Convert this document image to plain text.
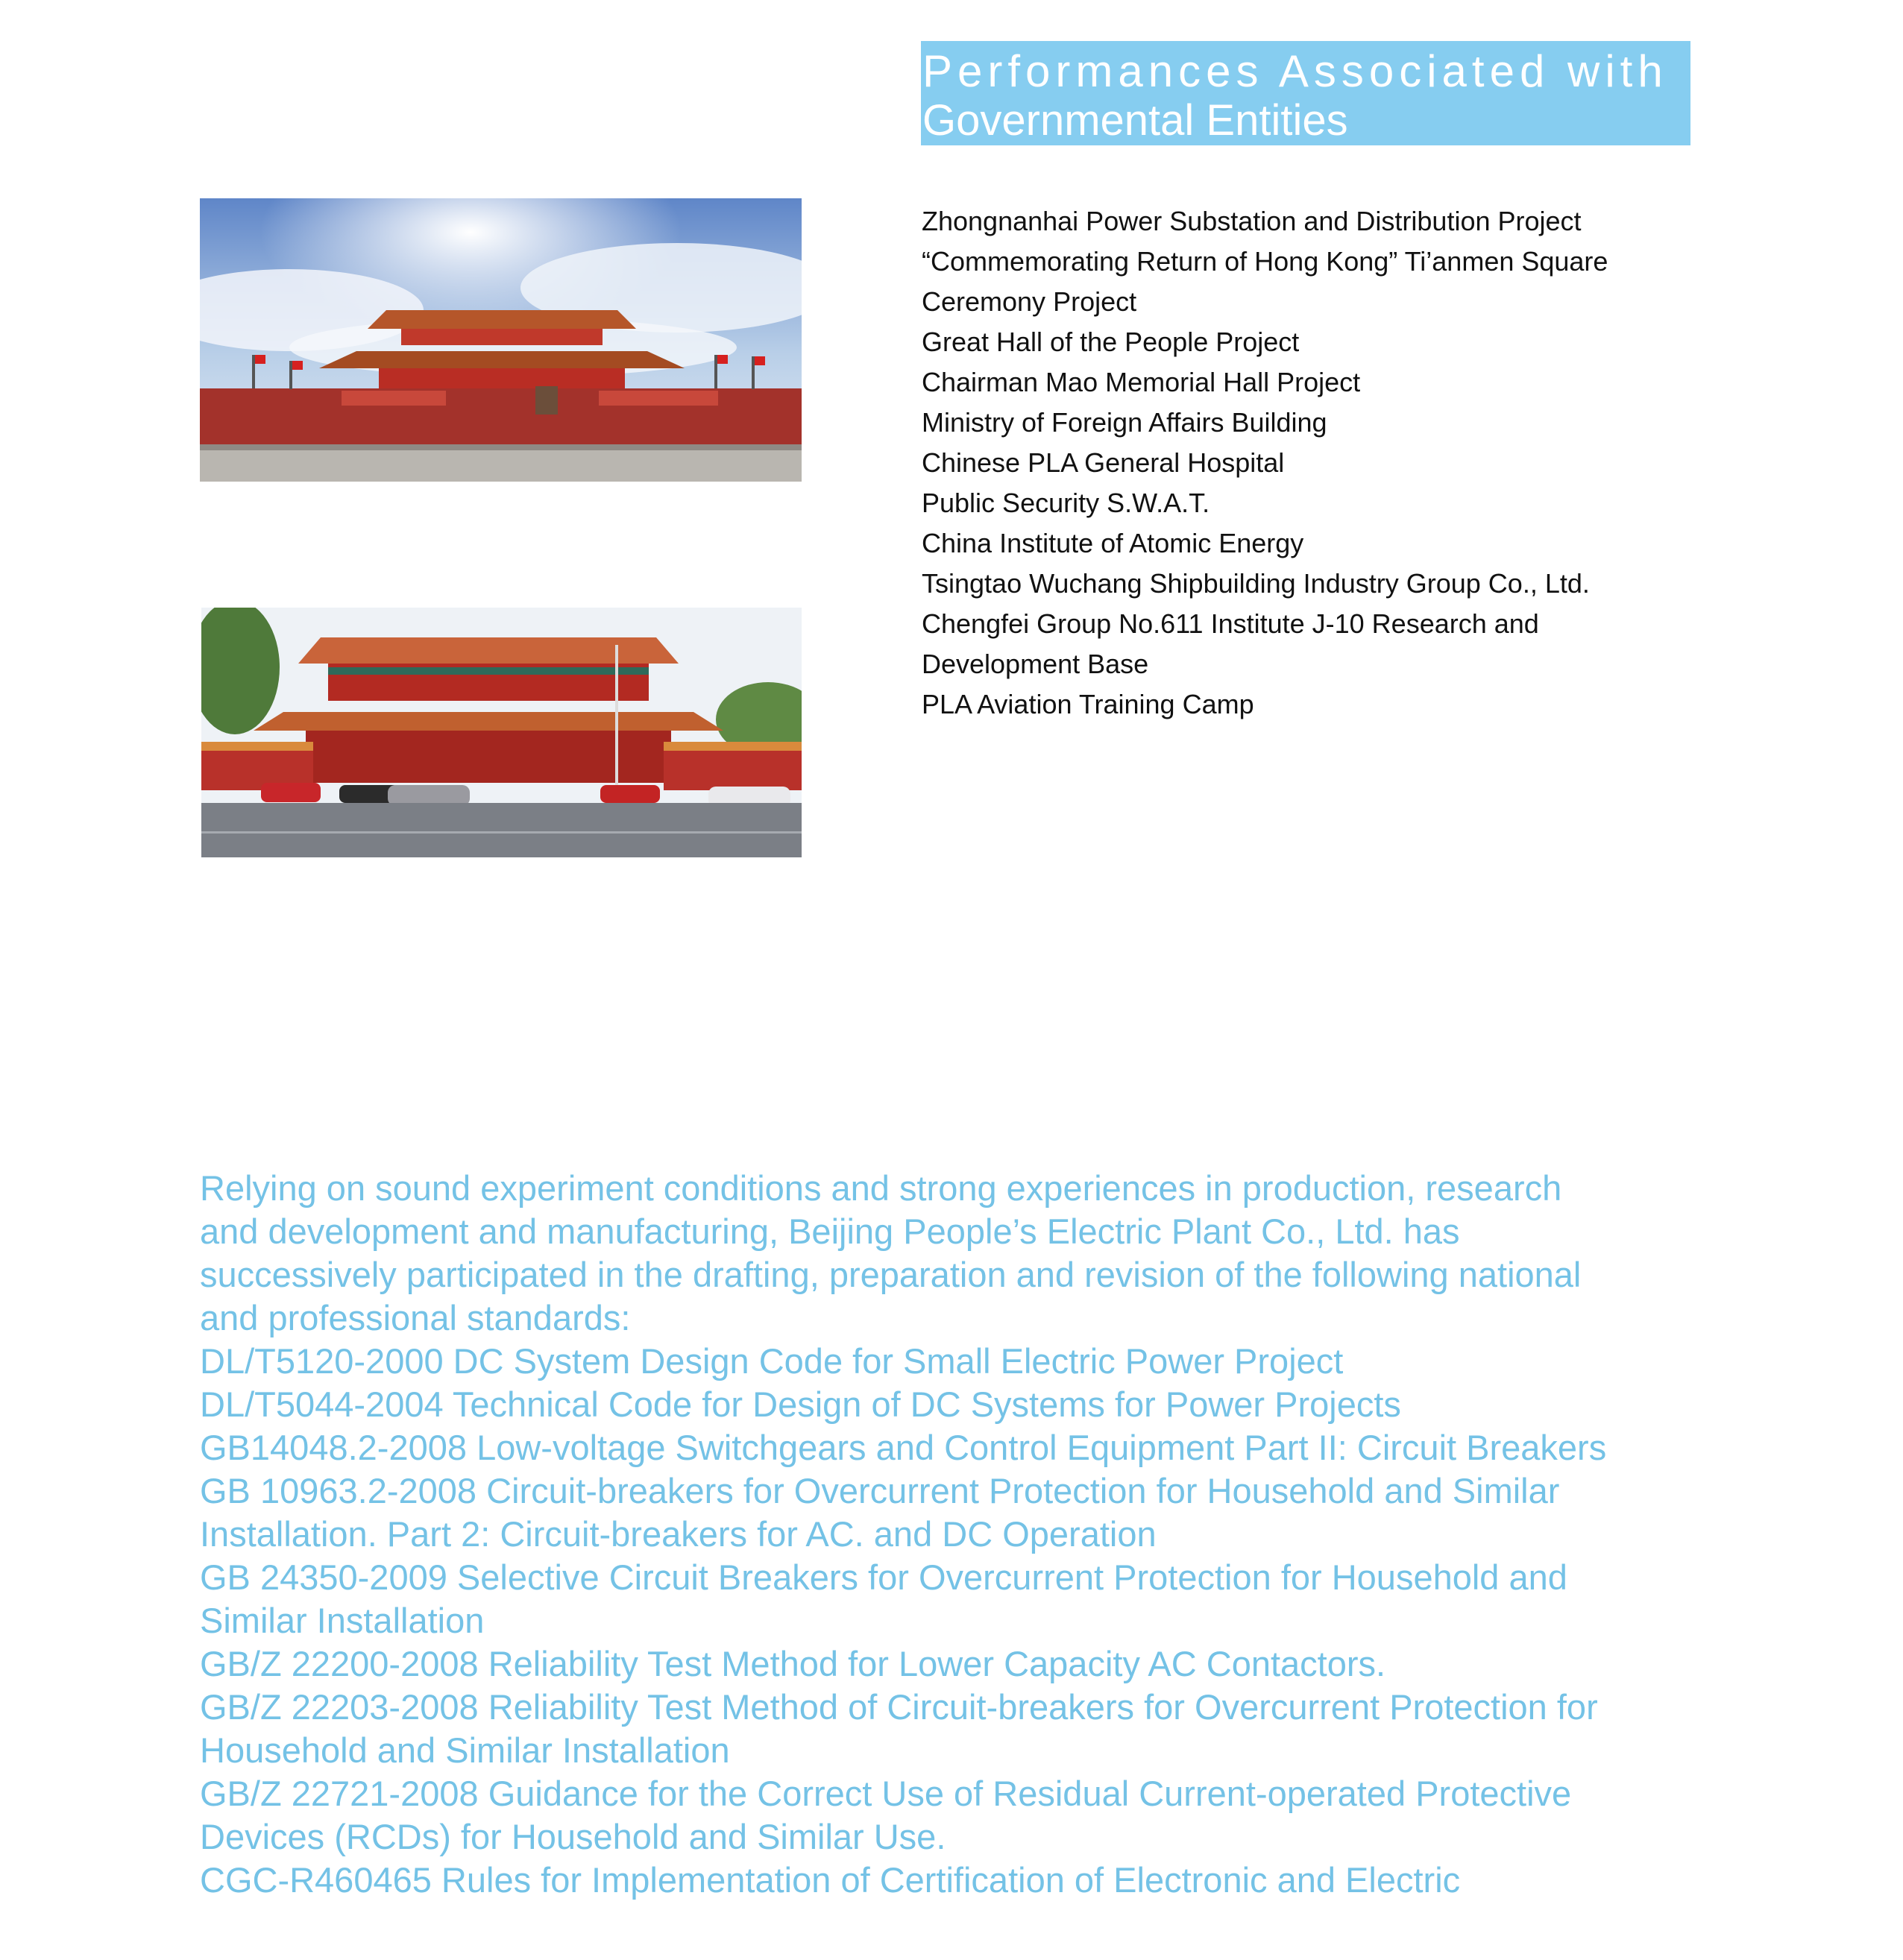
Performances Associated with
Governmental Entities
Zhongnanhai Power Substation and Distribution Project
“Commemorating Return of Hong Kong” Ti’anmen Square
Ceremony Project
Great Hall of the People Project
Chairman Mao Memorial Hall Project
Ministry of Foreign Affairs Building
Chinese PLA General Hospital
Public Security S.W.A.T.
China Institute of Atomic Energy
Tsingtao Wuchang Shipbuilding Industry Group Co., Ltd.
Chengfei Group No.611 Institute J-10 Research and
Development Base
PLA Aviation Training Camp

Relying on sound experiment conditions and strong experiences in production, research

and development and manufacturing, Beijing People’s Electric Plant Co., Ltd. has

successively participated in the drafting, preparation and revision of the following national

and professional standards:

DL/T5120-2000 DC System Design Code for Small Electric Power Project

DL/T5044-2004 Technical Code for Design of DC Systems for Power Projects

GB14048.2-2008 Low-voltage Switchgears and Control Equipment Part II: Circuit Breakers

GB 10963.2-2008 Circuit-breakers for Overcurrent Protection for Household and Similar

Installation. Part 2: Circuit-breakers for AC. and DC Operation

GB 24350-2009 Selective Circuit Breakers for Overcurrent Protection for Household and

Similar Installation

GB/Z 22200-2008 Reliability Test Method for Lower Capacity AC Contactors.

GB/Z 22203-2008 Reliability Test Method of Circuit-breakers for Overcurrent Protection for

Household and Similar Installation

GB/Z 22721-2008 Guidance for the Correct Use of Residual Current-operated Protective

Devices (RCDs) for Household and Similar Use.

CGC-R460465 Rules for Implementation of Certification of Electronic and Electric
